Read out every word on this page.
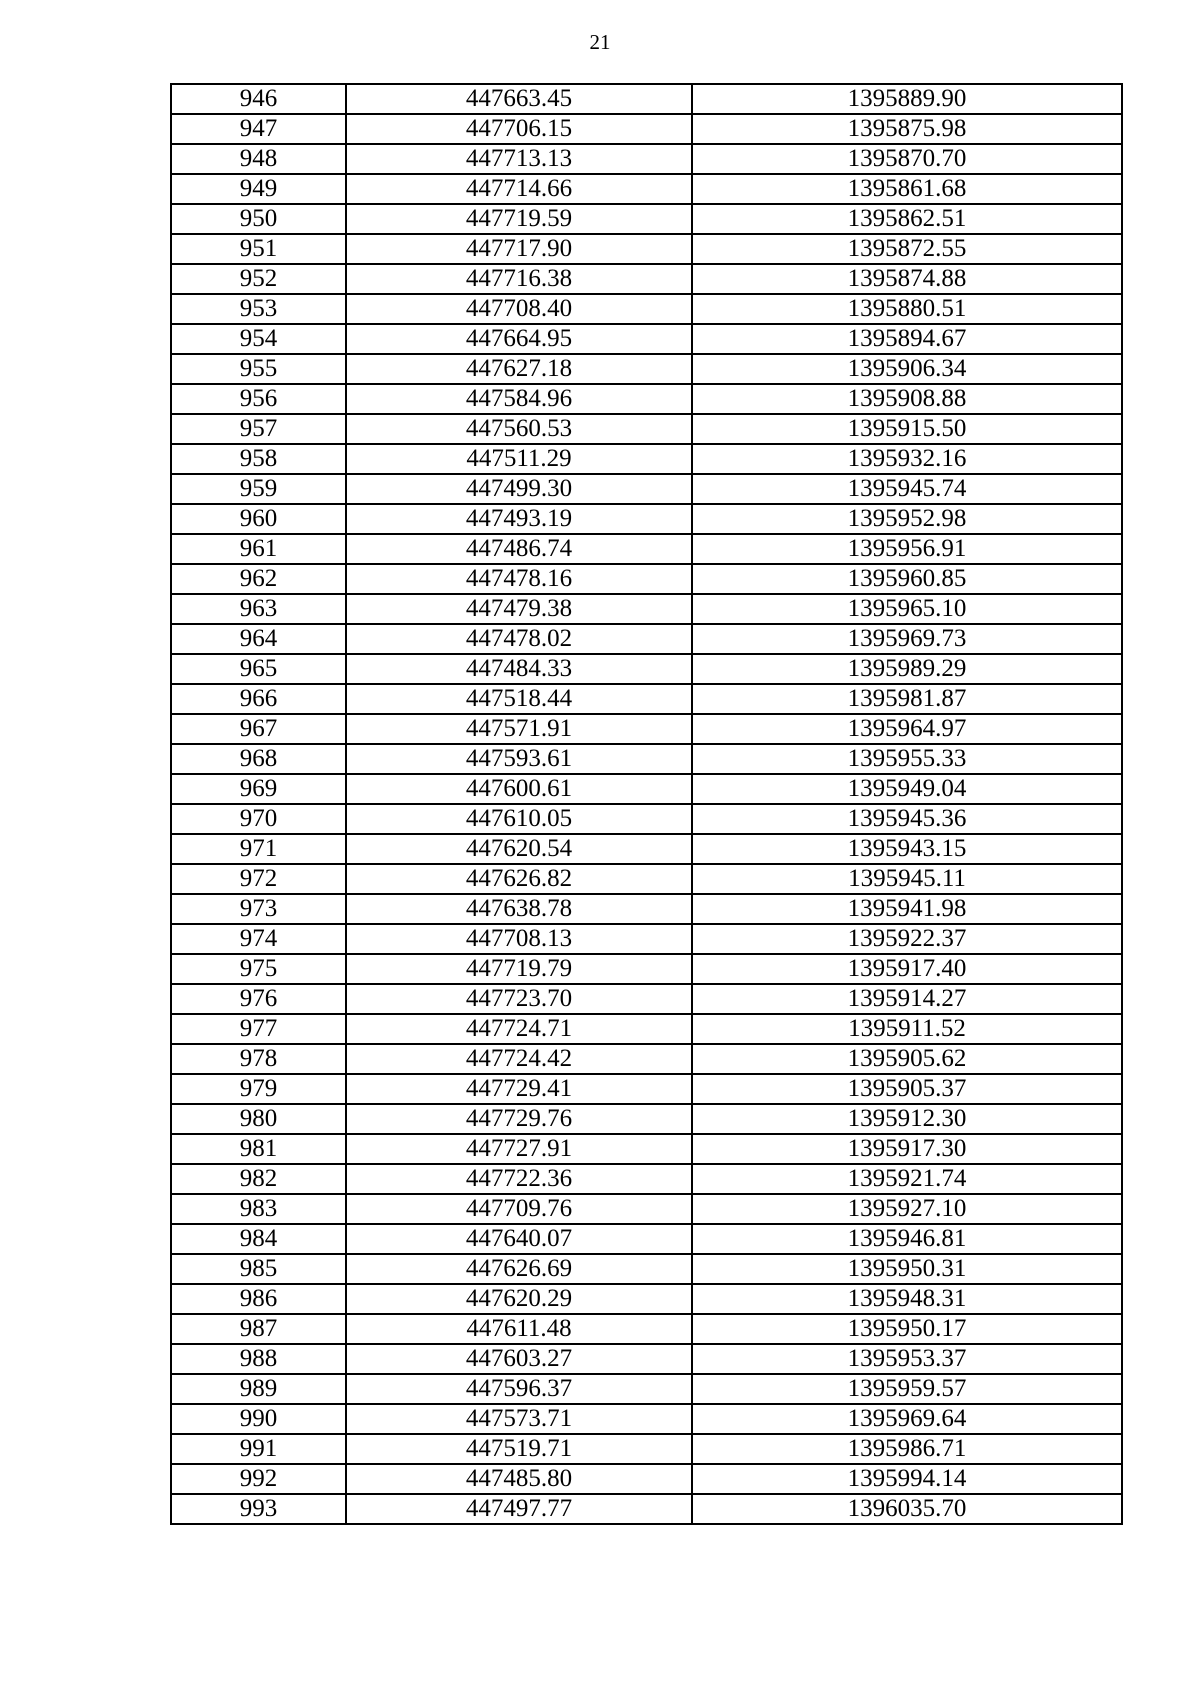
21
946	447663.45	1395889.90
947	447706.15	1395875.98
948	447713.13	1395870.70
949	447714.66	1395861.68
950	447719.59	1395862.51
951	447717.90	1395872.55
952	447716.38	1395874.88
953	447708.40	1395880.51
954	447664.95	1395894.67
955	447627.18	1395906.34
956	447584.96	1395908.88
957	447560.53	1395915.50
958	447511.29	1395932.16
959	447499.30	1395945.74
960	447493.19	1395952.98
961	447486.74	1395956.91
962	447478.16	1395960.85
963	447479.38	1395965.10
964	447478.02	1395969.73
965	447484.33	1395989.29
966	447518.44	1395981.87
967	447571.91	1395964.97
968	447593.61	1395955.33
969	447600.61	1395949.04
970	447610.05	1395945.36
971	447620.54	1395943.15
972	447626.82	1395945.11
973	447638.78	1395941.98
974	447708.13	1395922.37
975	447719.79	1395917.40
976	447723.70	1395914.27
977	447724.71	1395911.52
978	447724.42	1395905.62
979	447729.41	1395905.37
980	447729.76	1395912.30
981	447727.91	1395917.30
982	447722.36	1395921.74
983	447709.76	1395927.10
984	447640.07	1395946.81
985	447626.69	1395950.31
986	447620.29	1395948.31
987	447611.48	1395950.17
988	447603.27	1395953.37
989	447596.37	1395959.57
990	447573.71	1395969.64
991	447519.71	1395986.71
992	447485.80	1395994.14
993	447497.77	1396035.70
